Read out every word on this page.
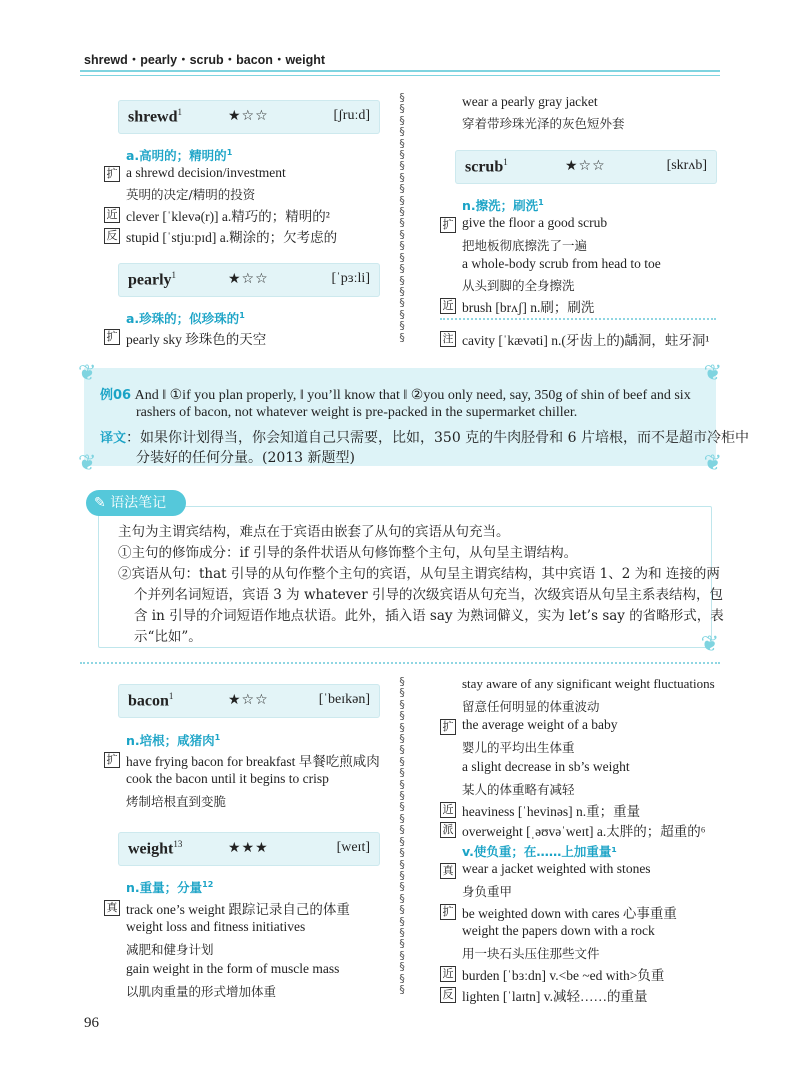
shrewd・pearly・scrub・bacon・weight
§§§§§§§§§§§§§§§§§§§§§§
§§§§§§§§§§§§§§§§§§§§§§§§§§§§
shrewd$^1$	★☆☆	[ʃruːd]
a.高明的；精明的$^1$
扩 a shrewd decision/investment
英明的决定/精明的投资
近 clever [ˈklevə(r)] a.精巧的；精明的²
反 stupid [ˈstjuːpɪd] a.糊涂的；欠考虑的
pearly$^1$	★☆☆	[ˈpɜːli]
a.珍珠的；似珍珠的$^1$
扩 pearly sky 珍珠色的天空
wear a pearly gray jacket
穿着带珍珠光泽的灰色短外套
scrub$^1$	★☆☆	[skrʌb]
n.擦洗；刷洗$^1$
扩 give the floor a good scrub
把地板彻底擦洗了一遍
a whole-body scrub from head to toe
从头到脚的全身擦洗
近 brush [brʌʃ] n.刷；刷洗
注 cavity [ˈkævəti] n.(牙齿上的)龋洞，蛀牙洞¹
❦	❦
❦	❦
例06 And ‖ ①if you plan properly, ‖ you’ll know that ‖ ②you only need, say, 350g of shin of beef and six
rashers of bacon, not whatever weight is pre-packed in the supermarket chiller.
译文：如果你计划得当，你会知道自己只需要，比如，350 克的牛肉胫骨和 6 片培根，而不是超市冷柜中
分装好的任何分量。(2013 新题型)
❦
✎ 语法笔记
主句为主谓宾结构，难点在于宾语由嵌套了从句的宾语从句充当。
①主句的修饰成分：if 引导的条件状语从句修饰整个主句，从句呈主谓结构。
②宾语从句：that 引导的从句作整个主句的宾语，从句呈主谓宾结构，其中宾语 1、2 为和 连接的两
个并列名词短语，宾语 3 为 whatever 引导的次级宾语从句充当，次级宾语从句呈主系表结构，包
含 in 引导的介词短语作地点状语。此外，插入语 say 为熟词僻义，实为 let’s say 的省略形式，表
示“比如”。
bacon$^1$	★☆☆	[ˈbeɪkən]
n.培根；咸猪肉$^1$
扩 have frying bacon for breakfast 早餐吃煎咸肉
cook the bacon until it begins to crisp
烤制培根直到变脆
weight$^{13}$	★★★	[weɪt]
n.重量；分量$^{12}$
真 track one’s weight 跟踪记录自己的体重
weight loss and fitness initiatives
减肥和健身计划
gain weight in the form of muscle mass
以肌肉重量的形式增加体重
stay aware of any significant weight fluctuations
留意任何明显的体重波动
扩 the average weight of a baby
婴儿的平均出生体重
a slight decrease in sb’s weight
某人的体重略有减轻
近 heaviness [ˈhevinəs] n.重；重量
派 overweight [ˌəʊvəˈweɪt] a.太胖的；超重的⁶
v.使负重；在……上加重量¹
真 wear a jacket weighted with stones
身负重甲
扩 be weighted down with cares 心事重重
weight the papers down with a rock
用一块石头压住那些文件
近 burden [ˈbɜːdn] v.<be ~ed with>负重
反 lighten [ˈlaɪtn] v.减轻……的重量
96
